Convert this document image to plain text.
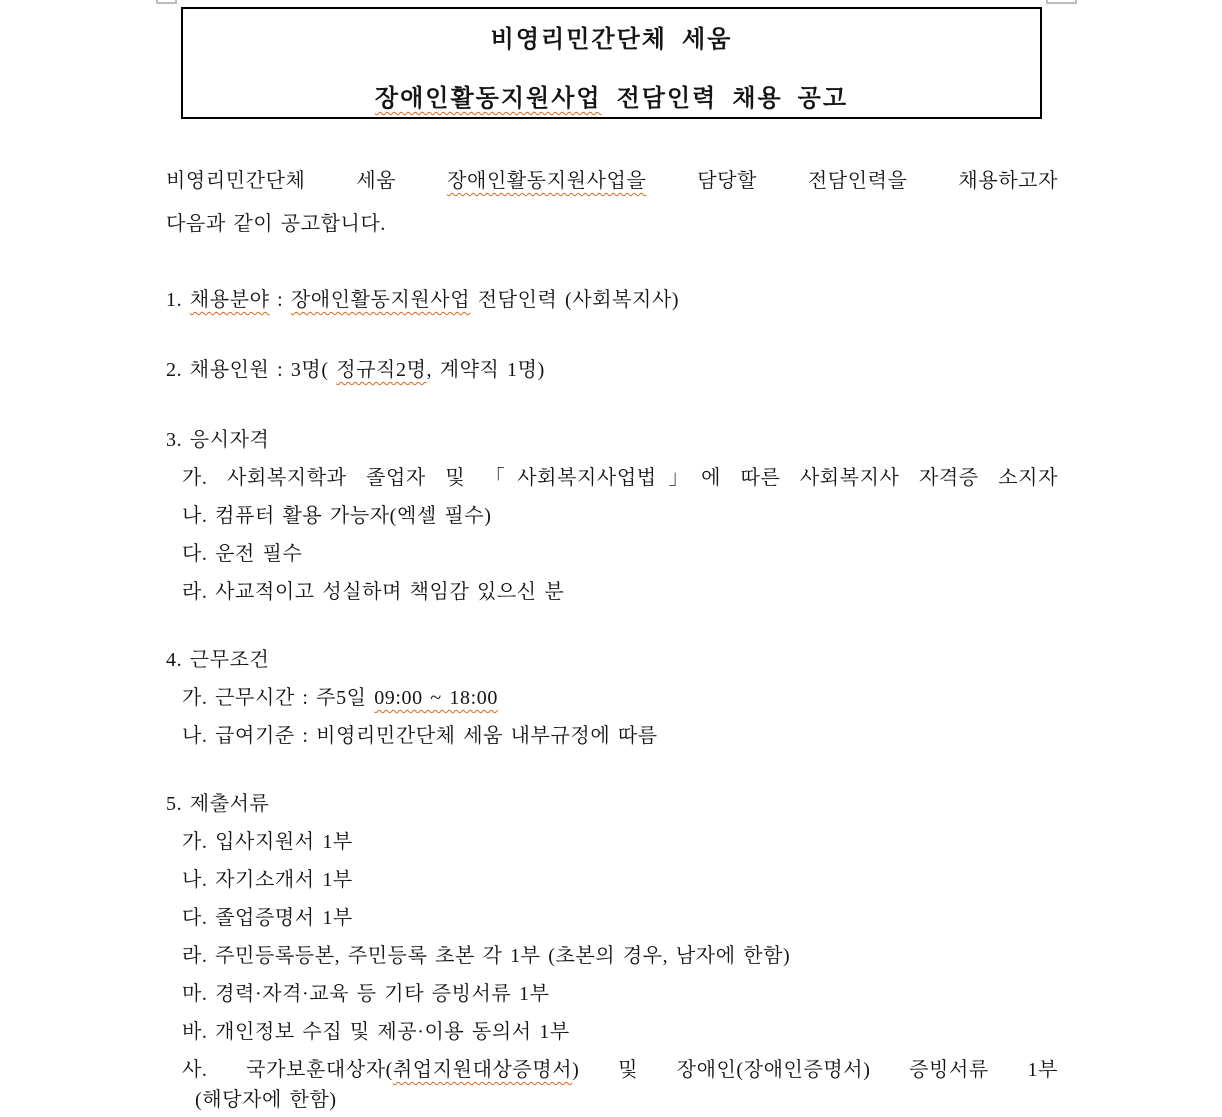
비영리민간단체 세움
장애인활동지원사업 전담인력 채용 공고
비영리민간단체 세움 장애인활동지원사업을 담당할 전담인력을 채용하고자
다음과 같이 공고합니다.
1. 채용분야 : 장애인활동지원사업 전담인력 (사회복지사)
2. 채용인원 : 3명( 정규직2명, 계약직 1명)
3. 응시자격
가. 사회복지학과 졸업자 및 「사회복지사업법」에 따른 사회복지사 자격증 소지자
나. 컴퓨터 활용 가능자(엑셀 필수)
다. 운전 필수
라. 사교적이고 성실하며 책임감 있으신 분
4. 근무조건
가. 근무시간 : 주5일 09:00 ~ 18:00
나. 급여기준 : 비영리민간단체 세움 내부규정에 따름
5. 제출서류
가. 입사지원서 1부
나. 자기소개서 1부
다. 졸업증명서 1부
라. 주민등록등본, 주민등록 초본 각 1부 (초본의 경우, 남자에 한함)
마. 경력·자격·교육 등 기타 증빙서류 1부
바. 개인정보 수집 및 제공·이용 동의서 1부
사. 국가보훈대상자(취업지원대상증명서) 및 장애인(장애인증명서) 증빙서류 1부
(해당자에 한함)
